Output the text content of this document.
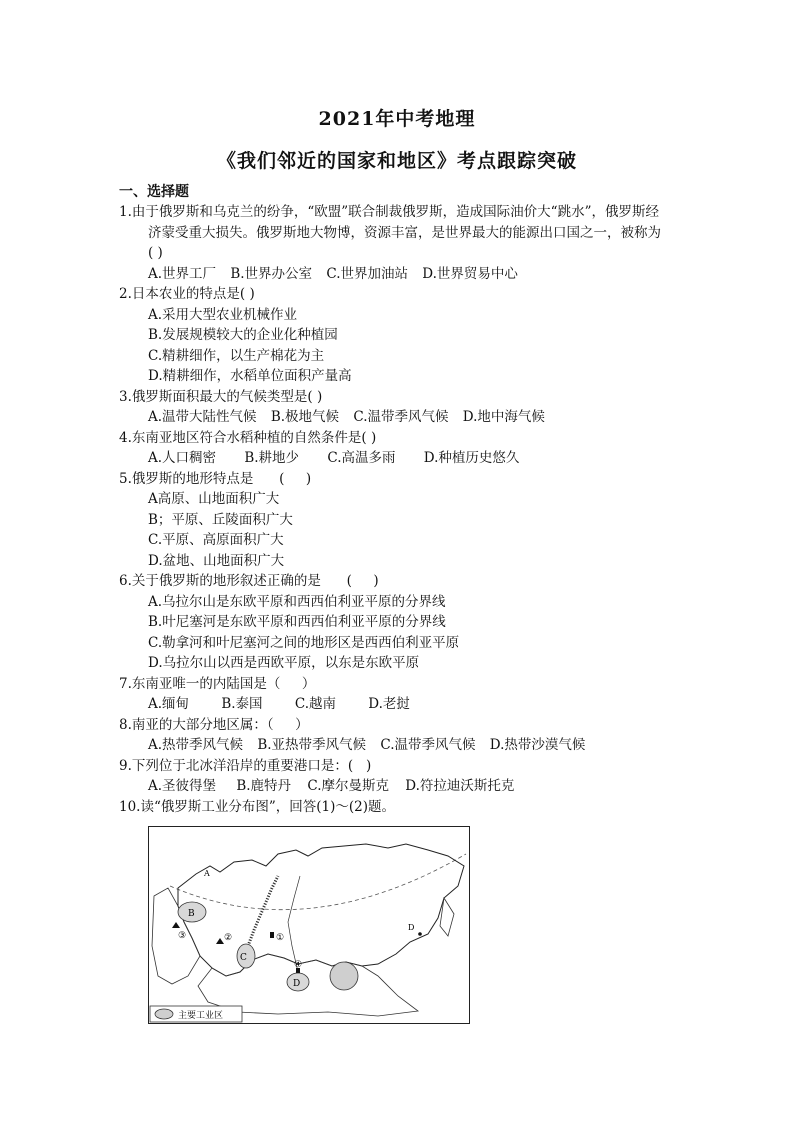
2021年中考地理
《我们邻近的国家和地区》考点跟踪突破
一、选择题
1.由于俄罗斯和乌克兰的纷争，“欧盟”联合制裁俄罗斯，造成国际油价大“跳水”，俄罗斯经
济蒙受重大损失。俄罗斯地大物博，资源丰富，是世界最大的能源出口国之一，被称为
( )
A.世界工厂 B.世界办公室 C.世界加油站 D.世界贸易中心
2.日本农业的特点是( )
A.采用大型农业机械作业
B.发展规模较大的企业化种植园
C.精耕细作，以生产棉花为主
D.精耕细作，水稻单位面积产量高
3.俄罗斯面积最大的气候类型是( )
A.温带大陆性气候 B.极地气候 C.温带季风气候 D.地中海气候
4.东南亚地区符合水稻种植的自然条件是( )
A.人口稠密 B.耕地少 C.高温多雨 D.种植历史悠久
5.俄罗斯的地形特点是      (     )
A高原、山地面积广大
B；平原、丘陵面积广大
C.平原、高原面积广大
D.盆地、山地面积广大
6.关于俄罗斯的地形叙述正确的是      (     )
A.乌拉尔山是东欧平原和西西伯利亚平原的分界线
B.叶尼塞河是东欧平原和西西伯利亚平原的分界线
C.勒拿河和叶尼塞河之间的地形区是西西伯利亚平原
D.乌拉尔山以西是西欧平原，以东是东欧平原
7.东南亚唯一的内陆国是（     ）
A.缅甸 B.泰国 C.越南 D.老挝
8.南亚的大部分地区属：（     ）
A.热带季风气候 B.亚热带季风气候 C.温带季风气候 D.热带沙漠气候
9.下列位于北冰洋沿岸的重要港口是：(   )
A.圣彼得堡 B.鹿特丹 C.摩尔曼斯克 D.符拉迪沃斯托克
10.读“俄罗斯工业分布图”，回答(1)～(2)题。
A
B
C
D
D
①
②
③
④
主要工业区
